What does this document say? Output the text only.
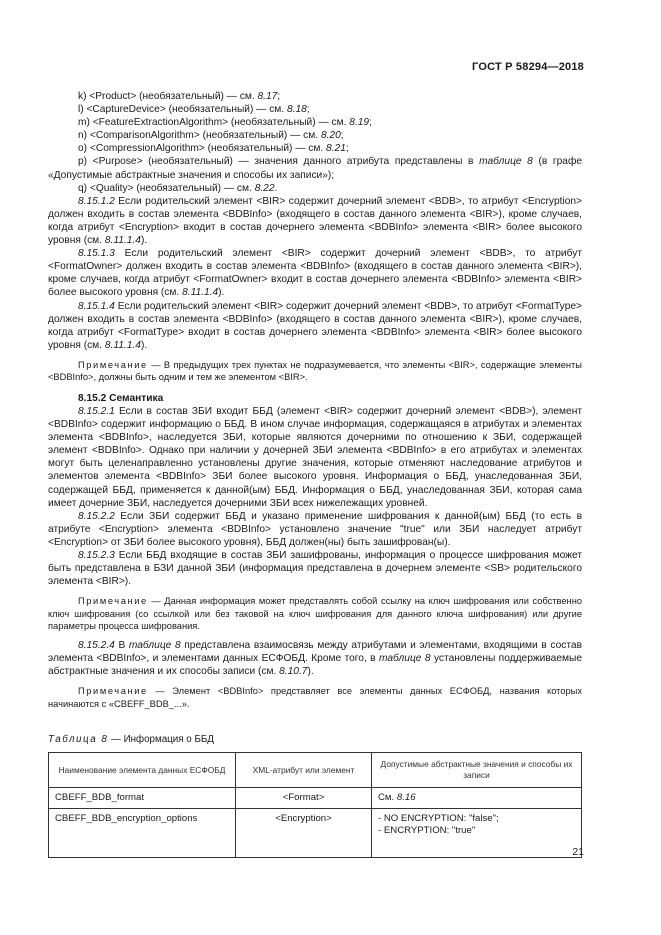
ГОСТ Р 58294—2018

k) <Product> (необязательный) — см. 8.17;

l) <CaptureDevice> (необязательный) — см. 8.18;

m) <FeatureExtractionAlgorithm> (необязательный) — см. 8.19;

n) <ComparisonAlgorithm> (необязательный) — см. 8.20;

o) <CompressionAlgorithm> (необязательный) — см. 8.21;

p) <Purpose> (необязательный) — значения данного атрибута представлены в таблице 8 (в графе «Допустимые абстрактные значения и способы их записи»);

q) <Quality> (необязательный) — см. 8.22.

8.15.1.2 Если родительский элемент <BIR> содержит дочерний элемент <BDB>, то атрибут <Encryption> должен входить в состав элемента <BDBInfo> (входящего в состав данного элемента <BIR>), кроме случаев, когда атрибут <Encryption> входит в состав дочернего элемента <BDBInfo> элемента <BIR> более высокого уровня (см. 8.11.1.4).

8.15.1.3 Если родительский элемент <BIR> содержит дочерний элемент <BDB>, то атрибут <FormatOwner> должен входить в состав элемента <BDBInfo> (входящего в состав данного элемента <BIR>), кроме случаев, когда атрибут <FormatOwner> входит в состав дочернего элемента <BDBInfo> элемента <BIR> более высокого уровня (см. 8.11.1.4).

8.15.1.4 Если родительский элемент <BIR> содержит дочерний элемент <BDB>, то атрибут <FormatType> должен входить в состав элемента <BDBInfo> (входящего в состав данного элемента <BIR>), кроме случаев, когда атрибут <FormatType> входит в состав дочернего элемента <BDBInfo> элемента <BIR> более высокого уровня (см. 8.11.1.4).

Примечание — В предыдущих трех пунктах не подразумевается, что элементы <BIR>, содержащие элементы <BDBInfo>, должны быть одним и тем же элементом <BIR>.

8.15.2 Семантика

8.15.2.1 Если в состав ЗБИ входит ББД (элемент <BIR> содержит дочерний элемент <BDB>), элемент <BDBInfo> содержит информацию о ББД. В ином случае информация, содержащаяся в атрибутах и элементах элемента <BDBInfo>, наследуется ЗБИ, которые являются дочерними по отношению к ЗБИ, содержащей элемент <BDBInfo>. Однако при наличии у дочерней ЗБИ элемента <BDBInfo> в его атрибутах и элементах могут быть целенаправленно установлены другие значения, которые отменяют наследование атрибутов и элементов элемента <BDBInfo> ЗБИ более высокого уровня. Информация о ББД, унаследованная ЗБИ, содержащей ББД, применяется к данной(ым) ББД. Информация о ББД, унаследованная ЗБИ, которая сама имеет дочерние ЗБИ, наследуется дочерними ЗБИ всех нижележащих уровней.

8.15.2.2 Если ЗБИ содержит ББД и указано применение шифрования к данной(ым) ББД (то есть в атрибуте <Encryption> элемента <BDBInfo> установлено значение "true" или ЗБИ наследует атрибут <Encryption> от ЗБИ более высокого уровня), ББД должен(ны) быть зашифрован(ы).

8.15.2.3 Если ББД входящие в состав ЗБИ зашифрованы, информация о процессе шифрования может быть представлена в БЗИ данной ЗБИ (информация представлена в дочернем элементе <SB> родительского элемента <BIR>).

Примечание — Данная информация может представлять собой ссылку на ключ шифрования или собственно ключ шифрования (со ссылкой или без таковой на ключ шифрования для данного ключа шифрования) или другие параметры процесса шифрования.

8.15.2.4 В таблице 8 представлена взаимосвязь между атрибутами и элементами, входящими в состав элемента <BDBInfo>, и элементами данных ЕСФОБД. Кроме того, в таблице 8 установлены поддерживаемые абстрактные значения и их способы записи (см. 8.10.7).

Примечание — Элемент <BDBInfo> представляет все элементы данных ЕСФОБД, названия которых начинаются с «CBEFF_BDB_...».

Таблица 8 — Информация о ББД
Наименование элемента данных ЕСФОБД	XML-атрибут или элемент	Допустимые абстрактные значения и способы их записи
CBEFF_BDB_format	<Format>	См. 8.16
CBEFF_BDB_encryption_options	<Encryption>	- NO ENCRYPTION: "false";
- ENCRYPTION: "true"
21
